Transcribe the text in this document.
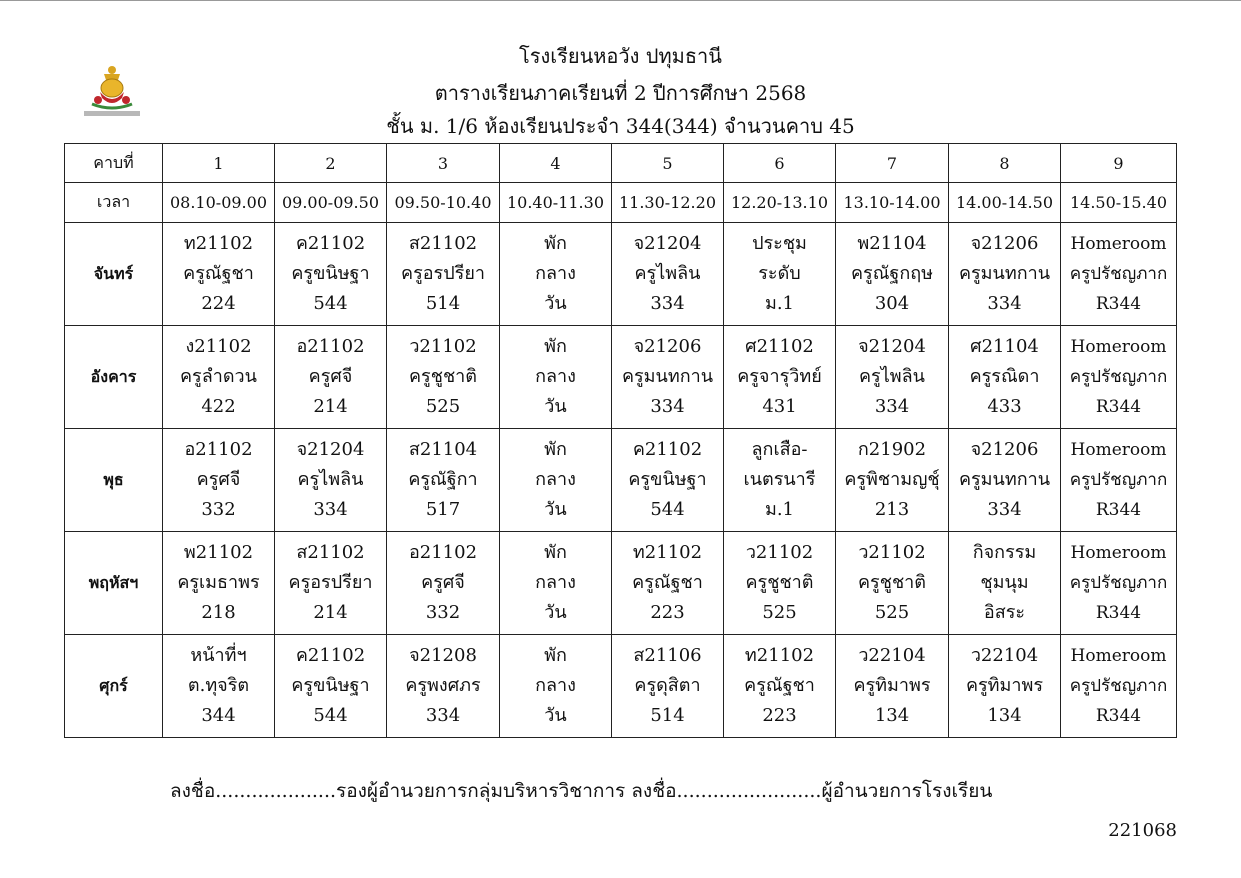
โรงเรียนหอวัง ปทุมธานี
ตารางเรียนภาคเรียนที่ 2 ปีการศึกษา 2568
ชั้น ม. 1/6 ห้องเรียนประจำ 344(344) จำนวนคาบ 45
คาบที่	1	2	3	4	5	6	7	8	9
เวลา	08.10-09.00	09.00-09.50	09.50-10.40	10.40-11.30	11.30-12.20	12.20-13.10	13.10-14.00	14.00-14.50	14.50-15.40
จันทร์	ท21102
ครูณัฐชา
224	ค21102
ครูขนิษฐา
544	ส21102
ครูอรปรียา
514	พัก
กลาง
วัน	จ21204
ครูไพลิน
334	ประชุม
ระดับ
ม.1	พ21104
ครูณัฐกฤษ
304	จ21206
ครูมนทกาน
334	Homeroom
ครูปรัชญภาก
R344

อังคาร	ง21102
ครูลำดวน
422	อ21102
ครูศจี
214	ว21102
ครูชูชาติ
525	พัก
กลาง
วัน	จ21206
ครูมนทกาน
334	ศ21102
ครูจารุวิทย์
431	จ21204
ครูไพลิน
334	ศ21104
ครูรณิดา
433	Homeroom
ครูปรัชญภาก
R344

พุธ	อ21102
ครูศจี
332	จ21204
ครูไพลิน
334	ส21104
ครูณัฐิกา
517	พัก
กลาง
วัน	ค21102
ครูขนิษฐา
544	ลูกเสือ-
เนตรนารี
ม.1	ก21902
ครูพิชามญชุ์
213	จ21206
ครูมนทกาน
334	Homeroom
ครูปรัชญภาก
R344

พฤหัสฯ	พ21102
ครูเมธาพร
218	ส21102
ครูอรปรียา
214	อ21102
ครูศจี
332	พัก
กลาง
วัน	ท21102
ครูณัฐชา
223	ว21102
ครูชูชาติ
525	ว21102
ครูชูชาติ
525	กิจกรรม
ชุมนุม
อิสระ	Homeroom
ครูปรัชญภาก
R344

ศุกร์	หน้าที่ฯ
ต.ทุจริต
344	ค21102
ครูขนิษฐา
544	จ21208
ครูพงศภร
334	พัก
กลาง
วัน	ส21106
ครูดุสิตา
514	ท21102
ครูณัฐชา
223	ว22104
ครูทิมาพร
134	ว22104
ครูทิมาพร
134	Homeroom
ครูปรัชญภาก
R344
ลงชื่อ....................รองผู้อำนวยการกลุ่มบริหารวิชาการ ลงชื่อ........................ผู้อำนวยการโรงเรียน
221068
